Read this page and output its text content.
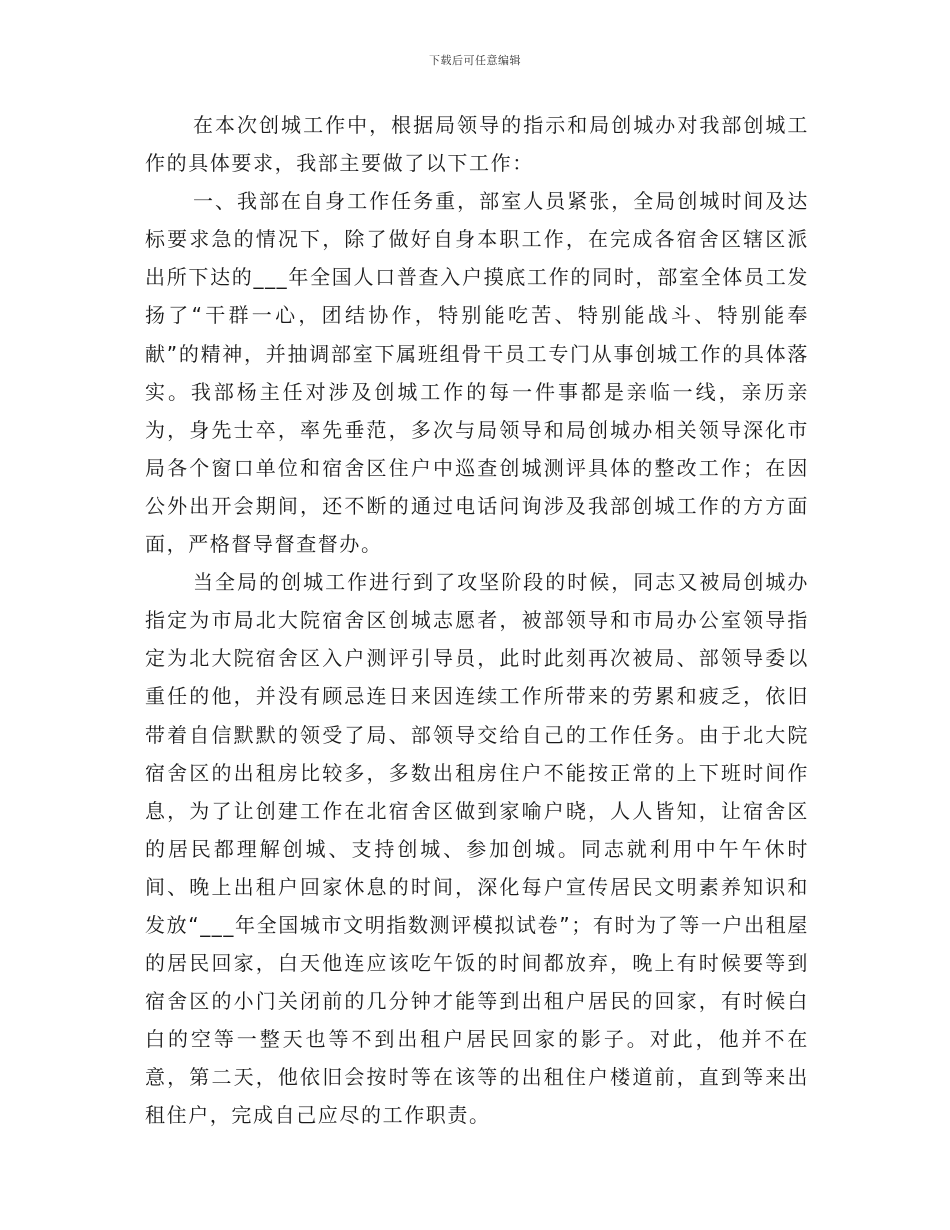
下载后可任意编辑

在本次创城工作中，根据局领导的指示和局创城办对我部创城工作的具体要求，我部主要做了以下工作：

一、我部在自身工作任务重，部室人员紧张，全局创城时间及达标要求急的情况下，除了做好自身本职工作，在完成各宿舍区辖区派出所下达的___年全国人口普查入户摸底工作的同时，部室全体员工发扬了“干群一心，团结协作，特别能吃苦、特别能战斗、特别能奉献”的精神，并抽调部室下属班组骨干员工专门从事创城工作的具体落实。我部杨主任对涉及创城工作的每一件事都是亲临一线，亲历亲为，身先士卒，率先垂范，多次与局领导和局创城办相关领导深化市局各个窗口单位和宿舍区住户中巡查创城测评具体的整改工作；在因公外出开会期间，还不断的通过电话问询涉及我部创城工作的方方面面，严格督导督查督办。

当全局的创城工作进行到了攻坚阶段的时候，同志又被局创城办指定为市局北大院宿舍区创城志愿者，被部领导和市局办公室领导指定为北大院宿舍区入户测评引导员，此时此刻再次被局、部领导委以重任的他，并没有顾忌连日来因连续工作所带来的劳累和疲乏，依旧带着自信默默的领受了局、部领导交给自己的工作任务。由于北大院宿舍区的出租房比较多，多数出租房住户不能按正常的上下班时间作息，为了让创建工作在北宿舍区做到家喻户晓，人人皆知，让宿舍区的居民都理解创城、支持创城、参加创城。同志就利用中午午休时间、晚上出租户回家休息的时间，深化每户宣传居民文明素养知识和发放“___年全国城市文明指数测评模拟试卷”；有时为了等一户出租屋的居民回家，白天他连应该吃午饭的时间都放弃，晚上有时候要等到宿舍区的小门关闭前的几分钟才能等到出租户居民的回家，有时候白白的空等一整天也等不到出租户居民回家的影子。对此，他并不在意，第二天，他依旧会按时等在该等的出租住户楼道前，直到等来出租住户，完成自己应尽的工作职责。
